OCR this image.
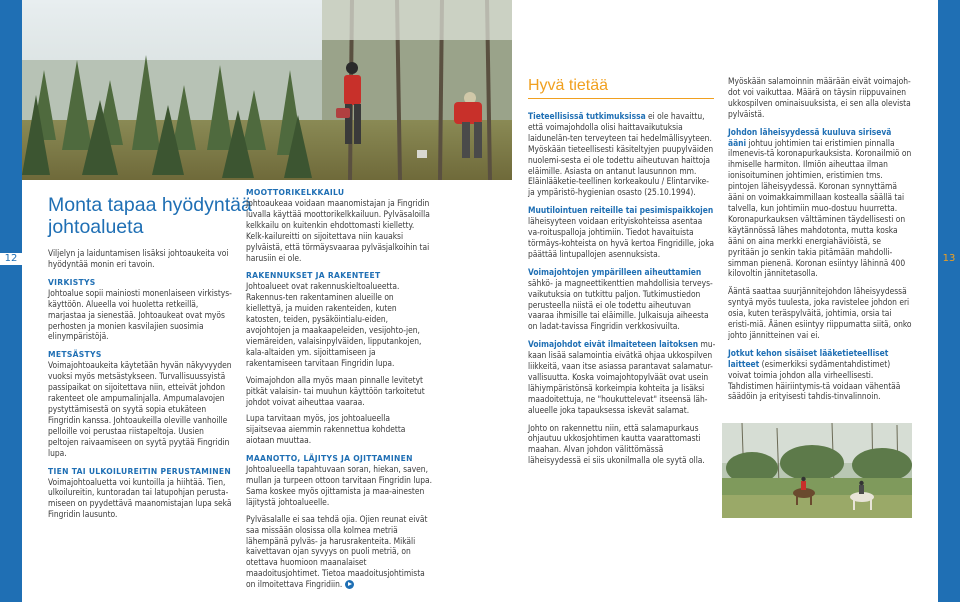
12	13
Monta tapaa hyödyntää
johtoalueta

Viljelyn ja laiduntamisen lisäksi johtoaukeita voi hyödyntää monin eri tavoin.

VIRKISTYS

Johtoalue sopii mainiosti monenlaiseen virkistys-käyttöön. Alueella voi huoletta retkeillä, marjastaa ja sienestää. Johtoaukeat ovat myös perhosten ja monien kasvilajien suosimia elinympäristöjä.

METSÄSTYS

Voimajohtoaukeita käytetään hyvän näkyvyyden vuoksi myös metsästykseen. Turvallisuussyistä passipaikat on sijoitettava niin, etteivät johdon rakenteet ole ampumalinjalla. Ampumalavojen pystyttämisestä on syytä sopia etukäteen Fingridin kanssa. Johtoaukeilla oleville vanhoille pelloille voi perustaa riistapeltoja. Uusien peltojen raivaamiseen on syytä pyytää Fingridin lupa.

TIEN TAI ULKOILUREITIN PERUSTAMINEN

Voimajohtoaluetta voi kuntoilla ja hiihtää. Tien, ulkoilureitin, kuntoradan tai latupohjan perusta-miseen on pyydettävä maanomistajan lupa sekä Fingridin lausunto.

MOOTTORIKELKKAILU

Johtoaukeaa voidaan maanomistajan ja Fingridin luvalla käyttää moottorikelkkailuun. Pylväsaloilla kelkkailu on kuitenkin ehdottomasti kielletty. Kelk-kailureitti on sijoitettava niin kauaksi pylväistä, että törmäysvaaraa pylväsjalkoihin tai harusiin ei ole.

RAKENNUKSET JA RAKENTEET

Johtoalueet ovat rakennuskieltoalueetta. Rakennus-ten rakentaminen alueille on kiellettyä, ja muiden rakenteiden, kuten katosten, teiden, pysäköintialu-eiden, avojohtojen ja maakaapeleiden, vesijohto-jen, viemäreiden, valaisinpylväiden, lipputankojen, kala-altaiden ym. sijoittamiseen ja rakentamiseen tarvitaan Fingridin lupa.

Voimajohdon alla myös maan pinnalle levitetyt pitkät valaisin- tai muuhun käyttöön tarkoitetut johdot voivat aiheuttaa vaaraa.

Lupa tarvitaan myös, jos johtoalueella sijaitsevaa aiemmin rakennettua kohdetta aiotaan muuttaa.

MAANOTTO, LÄJITYS JA OJITTAMINEN

Johtoalueella tapahtuvaan soran, hiekan, saven, mullan ja turpeen ottoon tarvitaan Fingridin lupa. Sama koskee myös ojittamista ja maa-ainesten läjitystä johtoalueelle.

Pylväsalalle ei saa tehdä ojia. Ojien reunat eivät saa missään olosissa olla kolmea metriä lähempänä pylväs- ja harusrakenteita. Mikäli kaivettavan ojan syvyys on puoli metriä, on otettava huomioon maanalaiset maadoitusjohtimet. Tietoa maadoitusjohtimista on ilmoitettava Fingridiin.

Hyvä tietää

Tieteellisissä tutkimuksissa ei ole havaittu, että voimajohdolla olisi haittavaikutuksia laidunelän-ten terveyteen tai hedelmällisyyteen. Myöskään tieteellisesti käsiteltyjen puupylväiden nuolemi-sesta ei ole todettu aiheutuvan haittoja eläimille. Asiasta on antanut lausunnon mm. Eläinlääketie-teellinen korkeakoulu / Elintarvike- ja ympäristö-hygienian osasto (25.10.1994).

Muutilointuen reiteille tai pesimispaikkojen läheisyyteen voidaan erityiskohteissa asentaa va-roituspalloja johtimiin. Tiedot havaituista törmäys-kohteista on hyvä kertoa Fingridille, joka päättää lintupallojen asennuksista.

Voimajohtojen ympärilleen aiheuttamien sähkö- ja magneettikenttien mahdollisia terveys-vaikutuksia on tutkittu paljon. Tutkimustiedon perusteella niistä ei ole todettu aiheutuvan vaaraa ihmisille tai eläimille. Julkaisuja aiheesta on ladat-tavissa Fingridin verkkosivuilta.

Voimajohdot eivät ilmaiteteen laitoksen mu-kaan lisää salamointia eivätkä ohjaa ukkospilven liikkeitä, vaan itse asiassa parantavat salamatur-vallisuutta. Koska voimajohtopylväät ovat usein lähiympäristönsä korkeimpia kohteita ja lisäksi maadoitettuja, ne "houkuttelevat" itseensä läh-alueelle joka tapauksessa iskevät salamat.

Johto on rakennettu niin, että salamapurkaus ohjautuu ukkosjohtimen kautta vaarattomasti maahan. Alvan johdon välittömässä läheisyydessä ei siis ukonilmalla ole syytä olla.

Myöskään salamoinnin määrään eivät voimajoh-dot voi vaikuttaa. Määrä on täysin riippuvainen ukkospilven ominaisuuksista, ei sen alla olevista pylväistä.

Johdon läheisyydessä kuuluva sirisevä ääni johtuu johtimien tai eristimien pinnalla ilmenevis-tä koronapurkauksista. Koronailmiö on ihmiselle harmiton. Ilmiön aiheuttaa ilman ionisoituminen johtimien, eristimien tms. pintojen läheisyydessä. Koronan synnyttämä ääni on voimakkaimmillaan kostealla säällä tai talvella, kun johtimiin muo-dostuu huurretta. Koronapurkauksen välttäminen täydellisesti on käytännössä lähes mahdotonta, mutta koska ääni on aina merkki energiahäviöistä, se pyritään jo senkin takia pitämään mahdolli-simman pienenä. Koronan esiintyy lähinnä 400 kilovoltin jännitetasolla.

Ääntä saattaa suurjännitejohdon läheisyydessä syntyä myös tuulesta, joka ravistelee johdon eri osia, kuten teräspylväitä, johtimia, orsia tai eristi-miä. Äänen esiintyy riippumatta siitä, onko johto jännitteinen vai ei.

Jotkut kehon sisäiset lääketieteelliset laitteet (esimerkiksi sydämentahdistimet) voivat toimia johdon alla virheellisesti. Tahdistimen häiriintymis-tä voidaan vähentää säädöin ja erityisesti tahdis-tinvalinnoin.
